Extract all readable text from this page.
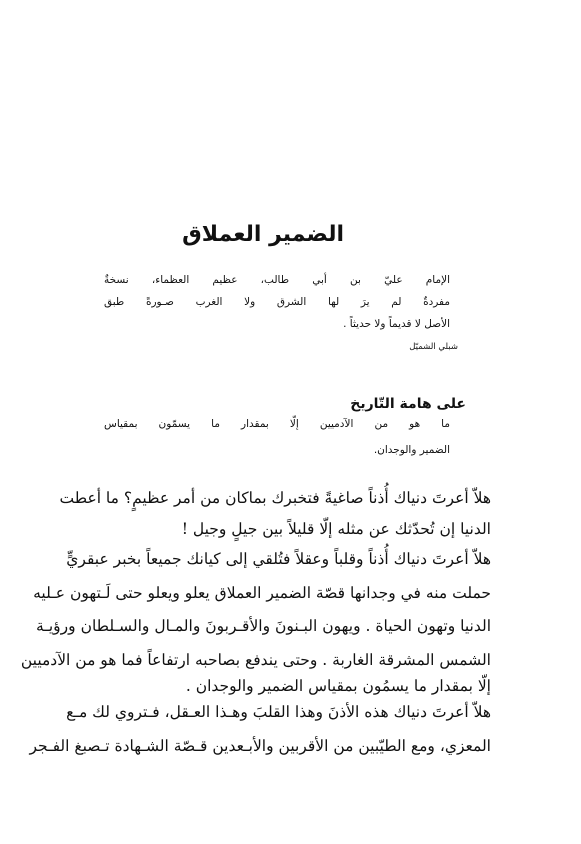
الضمير العملاق
الإمام عليّ بن أبي طالب، عظيم العظماء، نسخةٌ
مفردةٌ لم يرَ لها الشرق ولا الغرب صـورةً طبق
الأصل لا قديماً ولا حديثاً .
شبلي الشميّل
على هامة التّاريخ
ما هو من الآدميين إلّا بمقدار ما يسمّون بمقياس
الضمير والوجدان.
هلاّ أعرتَ دنياك أُذناً صاغيةً فتخبرك بماكان من أمر عظيمٍ؟ ما أعطت
الدنيا إن تُحدّثك عن مثله إلّا قليلاً بين جيلٍ وجيل !
هلاّ أعرتَ دنياك أُذناً وقلباً وعقلاً فتُلقي إلى كيانك جميعاً بخبر عبقريٍّ
حملت منه في وجدانها قصّة الضمير العملاق يعلو ويعلو حتى لَـتهون عـليه
الدنيا وتهون الحياة . ويهون البـنونَ والأقـربونَ والمـال والسـلطان ورؤيـة
الشمس المشرقة الغاربة . وحتى يندفع بصاحبه ارتفاعاً فما هو من الآدميين
إلّا بمقدار ما يسمُون بمقياس الضمير والوجدان .
هلاّ أعرتَ دنياك هذه الأذنَ وهذا القلبَ وهـذا العـقل، فـتروي لك مـع
المعزي، ومع الطيّبين من الأقربين والأبـعدين قـصّة الشـهادة تـصبغ الفـجر
